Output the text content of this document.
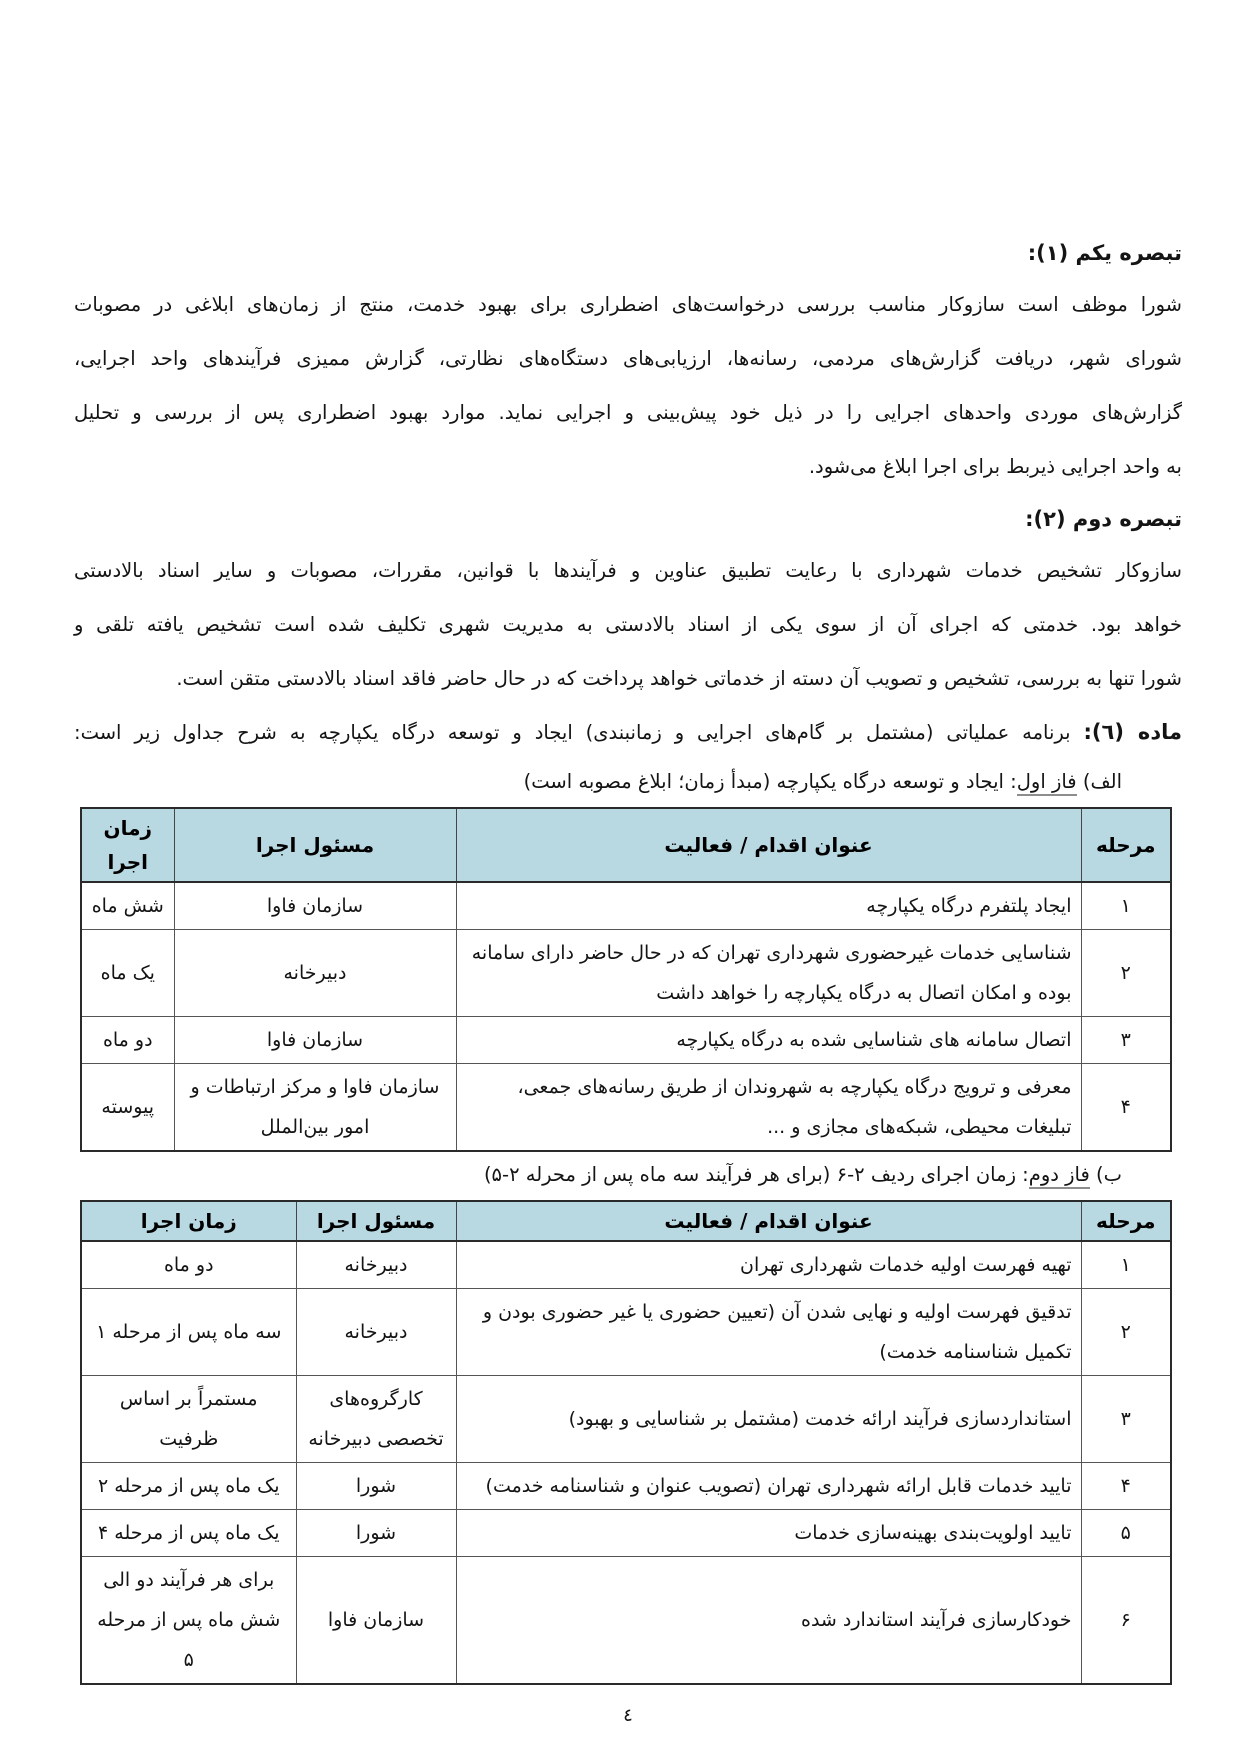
تبصره یکم (۱):
شورا موظف است سازوکار مناسب بررسی درخواست‌های اضطراری برای بهبود خدمت، منتج از زمان‌های ابلاغی در مصوبات
شورای شهر، دریافت گزارش‌های مردمی، رسانه‌ها، ارزیابی‌های دستگاه‌های نظارتی، گزارش ممیزی فرآیندهای واحد اجرایی،
گزارش‌های موردی واحدهای اجرایی را در ذیل خود پیش‌بینی و اجرایی نماید. موارد بهبود اضطراری پس از بررسی و تحلیل
به واحد اجرایی ذیربط برای اجرا ابلاغ می‌شود.
تبصره دوم (۲):
سازوکار تشخیص خدمات شهرداری با رعایت تطبیق عناوین و فرآیندها با قوانین، مقررات، مصوبات و سایر اسناد بالادستی
خواهد بود. خدمتی که اجرای آن از سوی یکی از اسناد بالادستی به مدیریت شهری تکلیف شده است تشخیص یافته تلقی و
شورا تنها به بررسی، تشخیص و تصویب آن دسته از خدماتی خواهد پرداخت که در حال حاضر فاقد اسناد بالادستی متقن است.
ماده (٦): برنامه عملیاتی (مشتمل بر گام‌های اجرایی و زمانبندی) ایجاد و توسعه درگاه یکپارچه به شرح جداول زیر است:
الف) فاز اول: ایجاد و توسعه درگاه یکپارچه (مبدأ زمان؛ ابلاغ مصوبه است)
مرحله	عنوان اقدام / فعالیت	مسئول اجرا	زمان اجرا
۱	ایجاد پلتفرم درگاه یکپارچه	سازمان فاوا	شش ماه
۲	شناسایی خدمات غیرحضوری شهرداری تهران که در حال حاضر دارای سامانه بوده و امکان اتصال به درگاه یکپارچه را خواهد داشت	دبیرخانه	یک ماه
۳	اتصال سامانه های شناسایی شده به درگاه یکپارچه	سازمان فاوا	دو ماه
۴	معرفی و ترویج درگاه یکپارچه به شهروندان از طریق رسانه‌های جمعی، تبلیغات محیطی، شبکه‌های مجازی و ...	سازمان فاوا و مرکز ارتباطات و امور بین‌الملل	پیوسته
ب) فاز دوم: زمان اجرای ردیف ۲-۶ (برای هر فرآیند سه ماه پس از محرله ۲-۵)
مرحله	عنوان اقدام / فعالیت	مسئول اجرا	زمان اجرا
۱	تهیه فهرست اولیه خدمات شهرداری تهران	دبیرخانه	دو ماه
۲	تدقیق فهرست اولیه و نهایی شدن آن (تعیین حضوری یا غیر حضوری بودن و تکمیل شناسنامه خدمت)	دبیرخانه	سه ماه پس از مرحله ۱
۳	استانداردسازی فرآیند ارائه خدمت (مشتمل بر شناسایی و بهبود)	کارگروه‌های تخصصی دبیرخانه	مستمراً بر اساس ظرفیت
۴	تایید خدمات قابل ارائه شهرداری تهران (تصویب عنوان و شناسنامه خدمت)	شورا	یک ماه پس از مرحله ۲
۵	تایید اولویت‌بندی بهینه‌سازی خدمات	شورا	یک ماه پس از مرحله ۴
۶	خودکارسازی فرآیند استاندارد شده	سازمان فاوا	برای هر فرآیند دو الی شش ماه پس از مرحله ۵
٤
